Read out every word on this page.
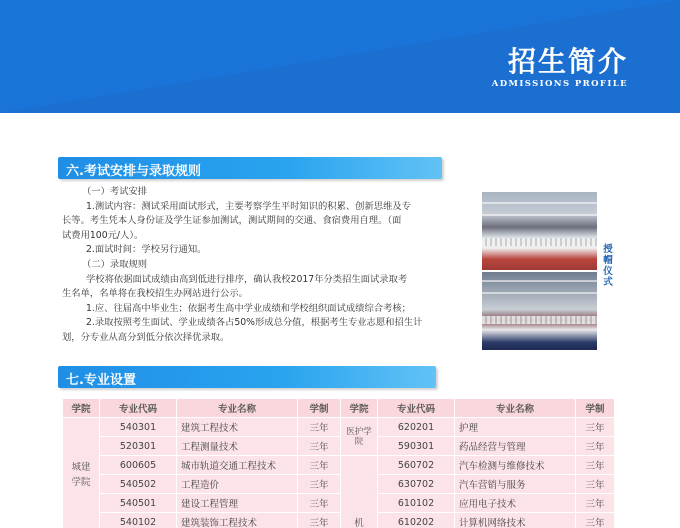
招生简介
ADMISSIONS PROFILE
六.考试安排与录取规则

（一）考试安排

1.测试内容：测试采用面试形式，主要考察学生平时知识的积累、创新思维及专

长等。考生凭本人身份证及学生证参加测试，测试期间的交通、食宿费用自理。（面

试费用100元/人）。

2.面试时间：学校另行通知。

（二）录取规则

学校将依据面试成绩由高到低进行排序，确认我校2017年分类招生面试录取考

生名单，名单将在我校招生办网站进行公示。

1.应、往届高中毕业生；依据考生高中学业成绩和学校组织面试成绩综合考核；

2.录取按照考生面试、学业成绩各占50%形成总分值，根据考生专业志愿和招生计

划，分专业从高分到低分依次择优录取。

授帽仪式
七.专业设置
学院	专业代码	专业名称	学制	学院	专业代码	专业名称	学制
城建学院	540301	建筑工程技术	三年	医护学院	620201	护理	三年
	520301	工程测量技术	三年		590301	药品经营与管理	三年
	600605	城市轨道交通工程技术	三年	机	560702	汽车检测与维修技术	三年
	540502	工程造价	三年		630702	汽车营销与服务	三年
	540501	建设工程管理	三年		610102	应用电子技术	三年
	540102	建筑装饰工程技术	三年		610202	计算机网络技术	三年
